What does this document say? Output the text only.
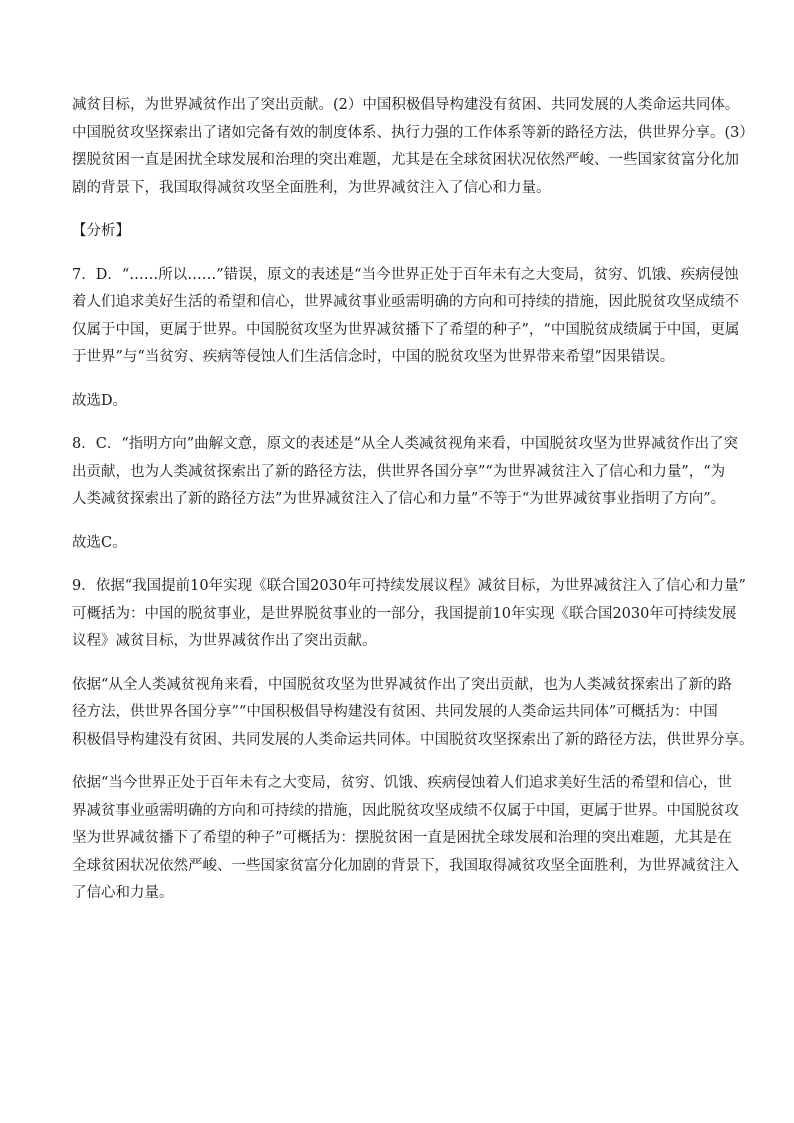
减贫目标，为世界减贫作出了突出贡献。(2）中国积极倡导构建没有贫困、共同发展的人类命运共同体。
中国脱贫攻坚探索出了诸如完备有效的制度体系、执行力强的工作体系等新的路径方法，供世界分享。(3）
摆脱贫困一直是困扰全球发展和治理的突出难题，尤其是在全球贫困状况依然严峻、一些国家贫富分化加
剧的背景下，我国取得减贫攻坚全面胜利，为世界减贫注入了信心和力量。

【分析】

7．D．“……所以……”错误，原文的表述是“当今世界正处于百年未有之大变局，贫穷、饥饿、疾病侵蚀
着人们追求美好生活的希望和信心，世界减贫事业亟需明确的方向和可持续的措施，因此脱贫攻坚成绩不
仅属于中国，更属于世界。中国脱贫攻坚为世界减贫播下了希望的种子”，“中国脱贫成绩属于中国，更属
于世界”与“当贫穷、疾病等侵蚀人们生活信念时，中国的脱贫攻坚为世界带来希望”因果错误。

故选D。

8．C．“指明方向”曲解文意，原文的表述是“从全人类减贫视角来看，中国脱贫攻坚为世界减贫作出了突
出贡献，也为人类减贫探索出了新的路径方法，供世界各国分享”“为世界减贫注入了信心和力量”，“为
人类减贫探索出了新的路径方法”为世界减贫注入了信心和力量”不等于“为世界减贫事业指明了方向”。

故选C。

9．依据“我国提前10年实现《联合国2030年可持续发展议程》减贫目标，为世界减贫注入了信心和力量”
可概括为：中国的脱贫事业，是世界脱贫事业的一部分，我国提前10年实现《联合国2030年可持续发展
议程》减贫目标，为世界减贫作出了突出贡献。

依据“从全人类减贫视角来看，中国脱贫攻坚为世界减贫作出了突出贡献，也为人类减贫探索出了新的路
径方法，供世界各国分享”“中国积极倡导构建没有贫困、共同发展的人类命运共同体”可概括为：中国
积极倡导构建没有贫困、共同发展的人类命运共同体。中国脱贫攻坚探索出了新的路径方法，供世界分享。

依据“当今世界正处于百年未有之大变局，贫穷、饥饿、疾病侵蚀着人们追求美好生活的希望和信心，世
界减贫事业亟需明确的方向和可持续的措施，因此脱贫攻坚成绩不仅属于中国，更属于世界。中国脱贫攻
坚为世界减贫播下了希望的种子”可概括为：摆脱贫困一直是困扰全球发展和治理的突出难题，尤其是在
全球贫困状况依然严峻、一些国家贫富分化加剧的背景下，我国取得减贫攻坚全面胜利，为世界减贫注入
了信心和力量。
